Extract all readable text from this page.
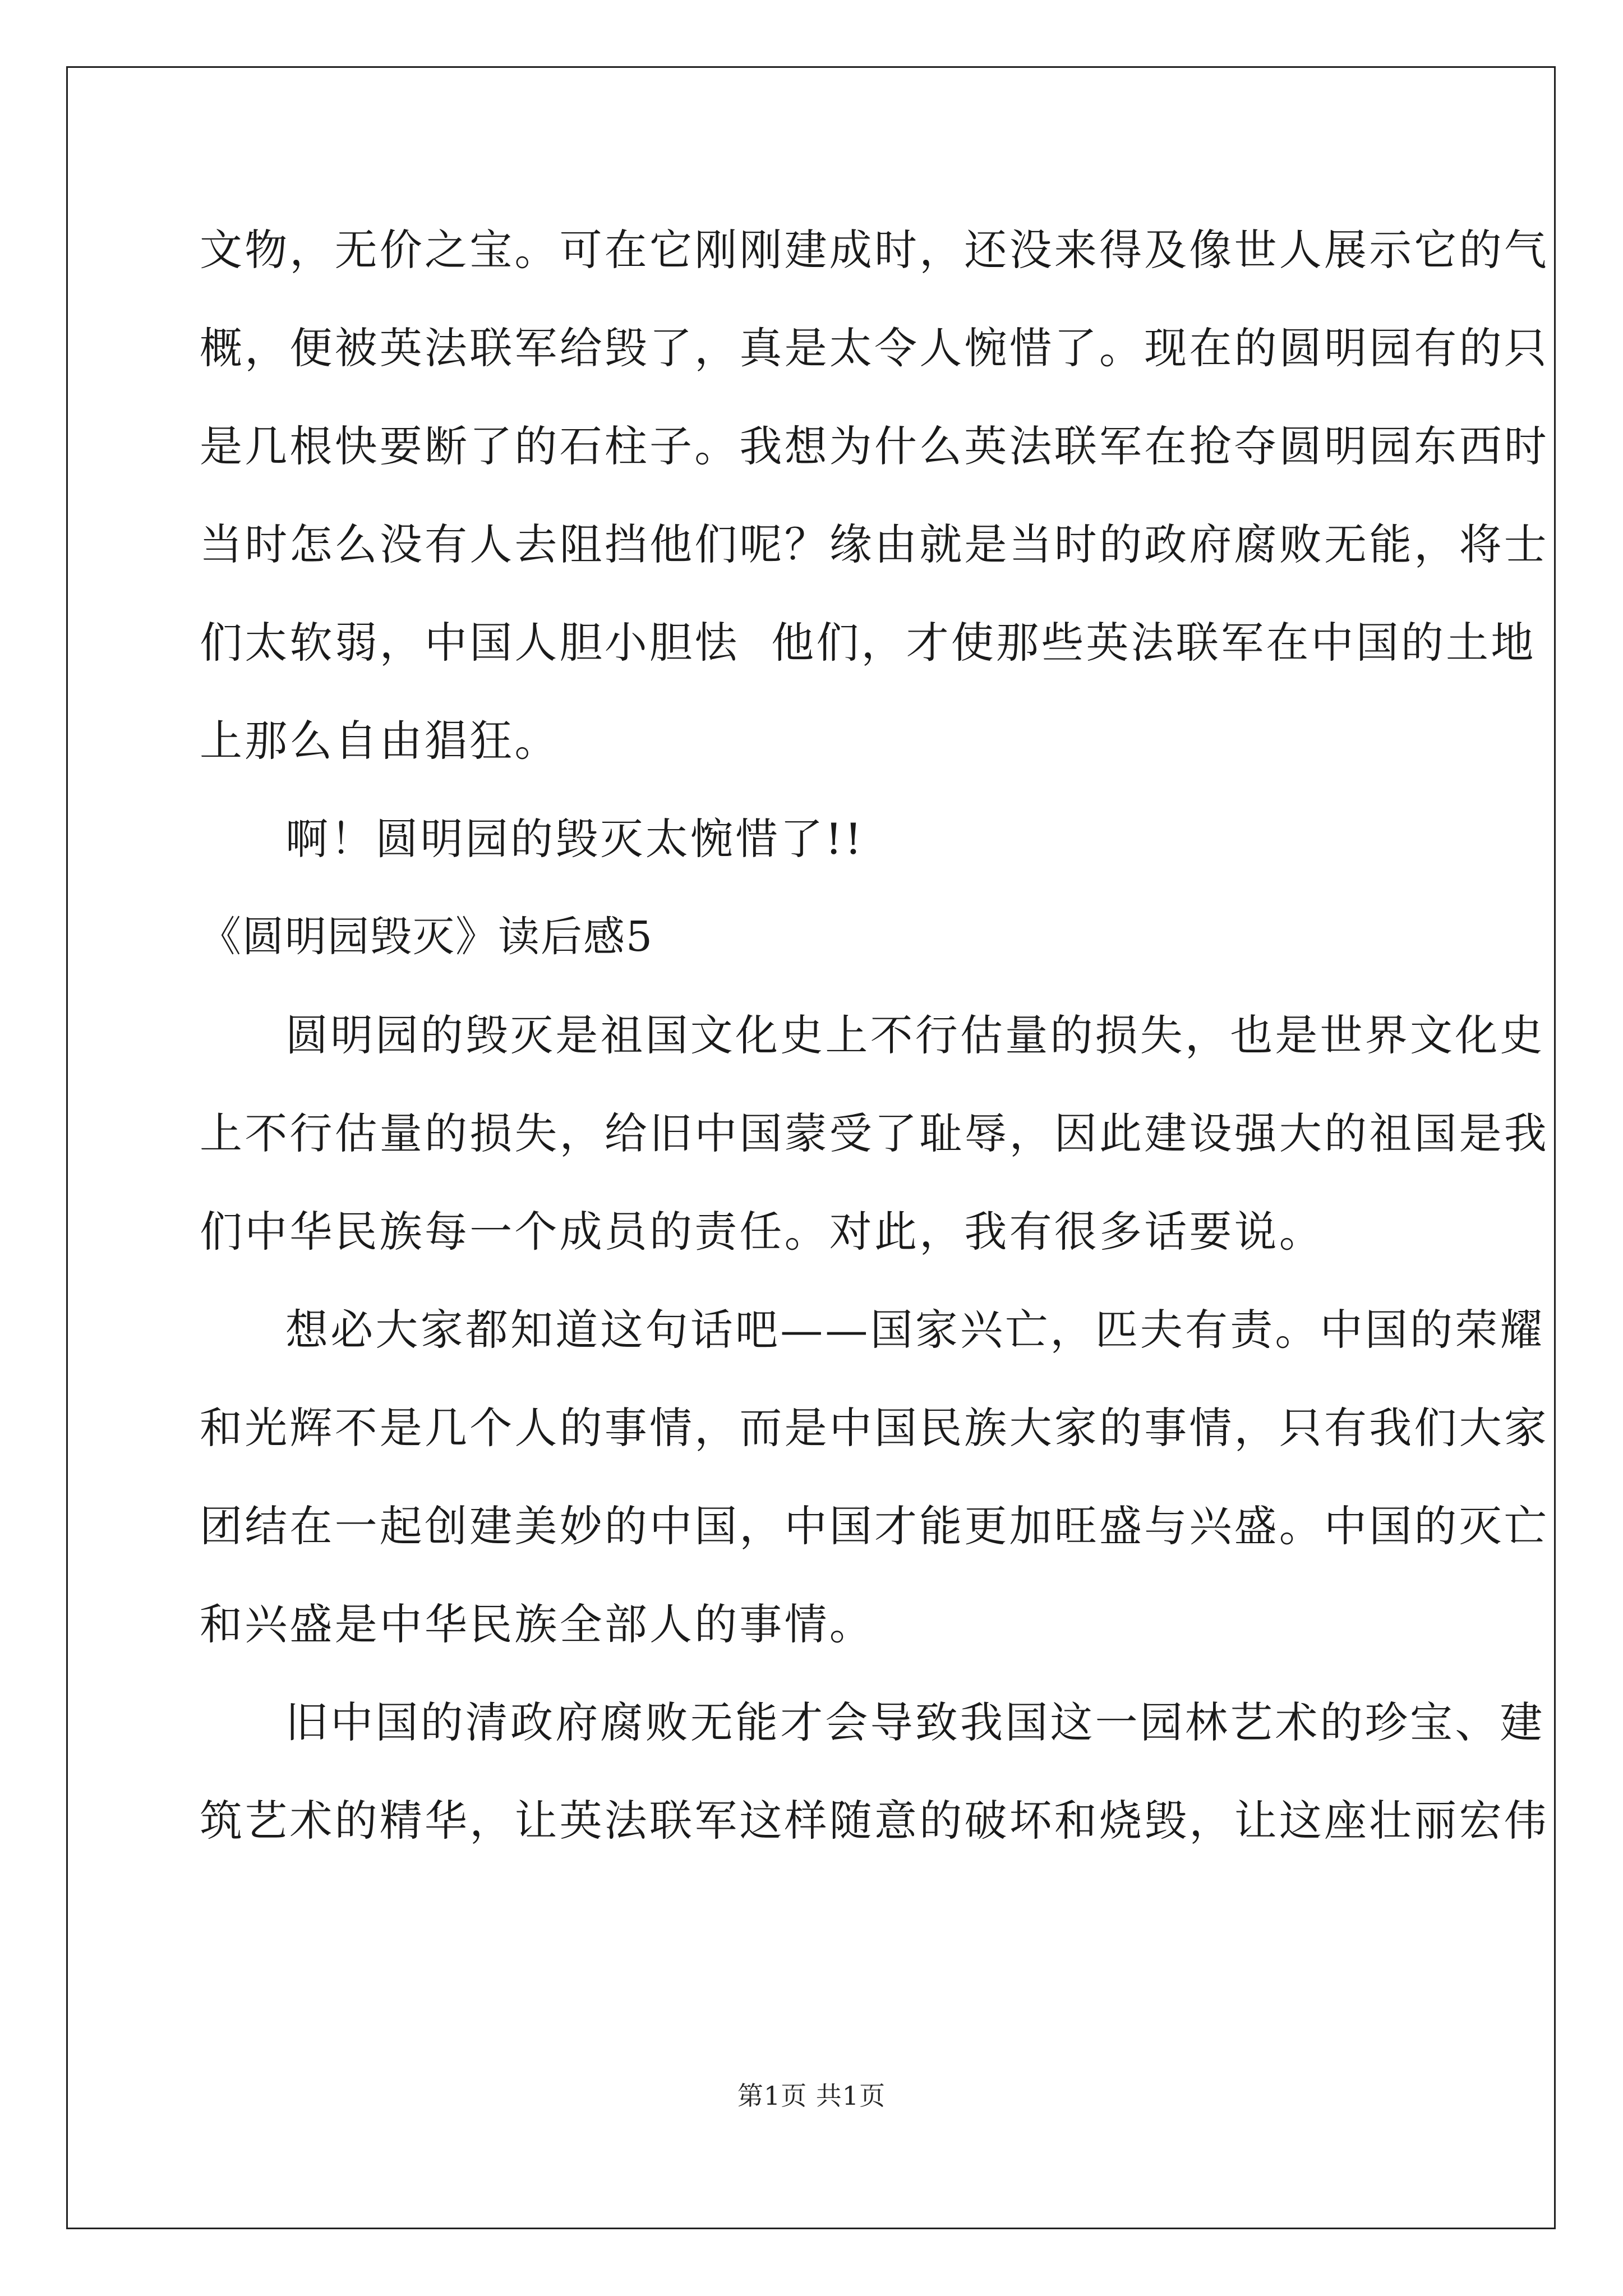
文物，无价之宝。可在它刚刚建成时，还没来得及像世人展示它的气
概，便被英法联军给毁了，真是太令人惋惜了。现在的圆明园有的只
是几根快要断了的石柱子。我想为什么英法联军在抢夺圆明园东西时
当时怎么没有人去阻挡他们呢？缘由就是当时的政府腐败无能，将士
们太软弱，中国人胆小胆怯  他们，才使那些英法联军在中国的土地
上那么自由猖狂。
啊！圆明园的毁灭太惋惜了!!
《圆明园毁灭》读后感5
圆明园的毁灭是祖国文化史上不行估量的损失，也是世界文化史
上不行估量的损失，给旧中国蒙受了耻辱，因此建设强大的祖国是我
们中华民族每一个成员的责任。对此，我有很多话要说。
想必大家都知道这句话吧——国家兴亡，匹夫有责。中国的荣耀
和光辉不是几个人的事情，而是中国民族大家的事情，只有我们大家
团结在一起创建美妙的中国，中国才能更加旺盛与兴盛。中国的灭亡
和兴盛是中华民族全部人的事情。
旧中国的清政府腐败无能才会导致我国这一园林艺术的珍宝、建
筑艺术的精华，让英法联军这样随意的破坏和烧毁，让这座壮丽宏伟
第1页 共1页
